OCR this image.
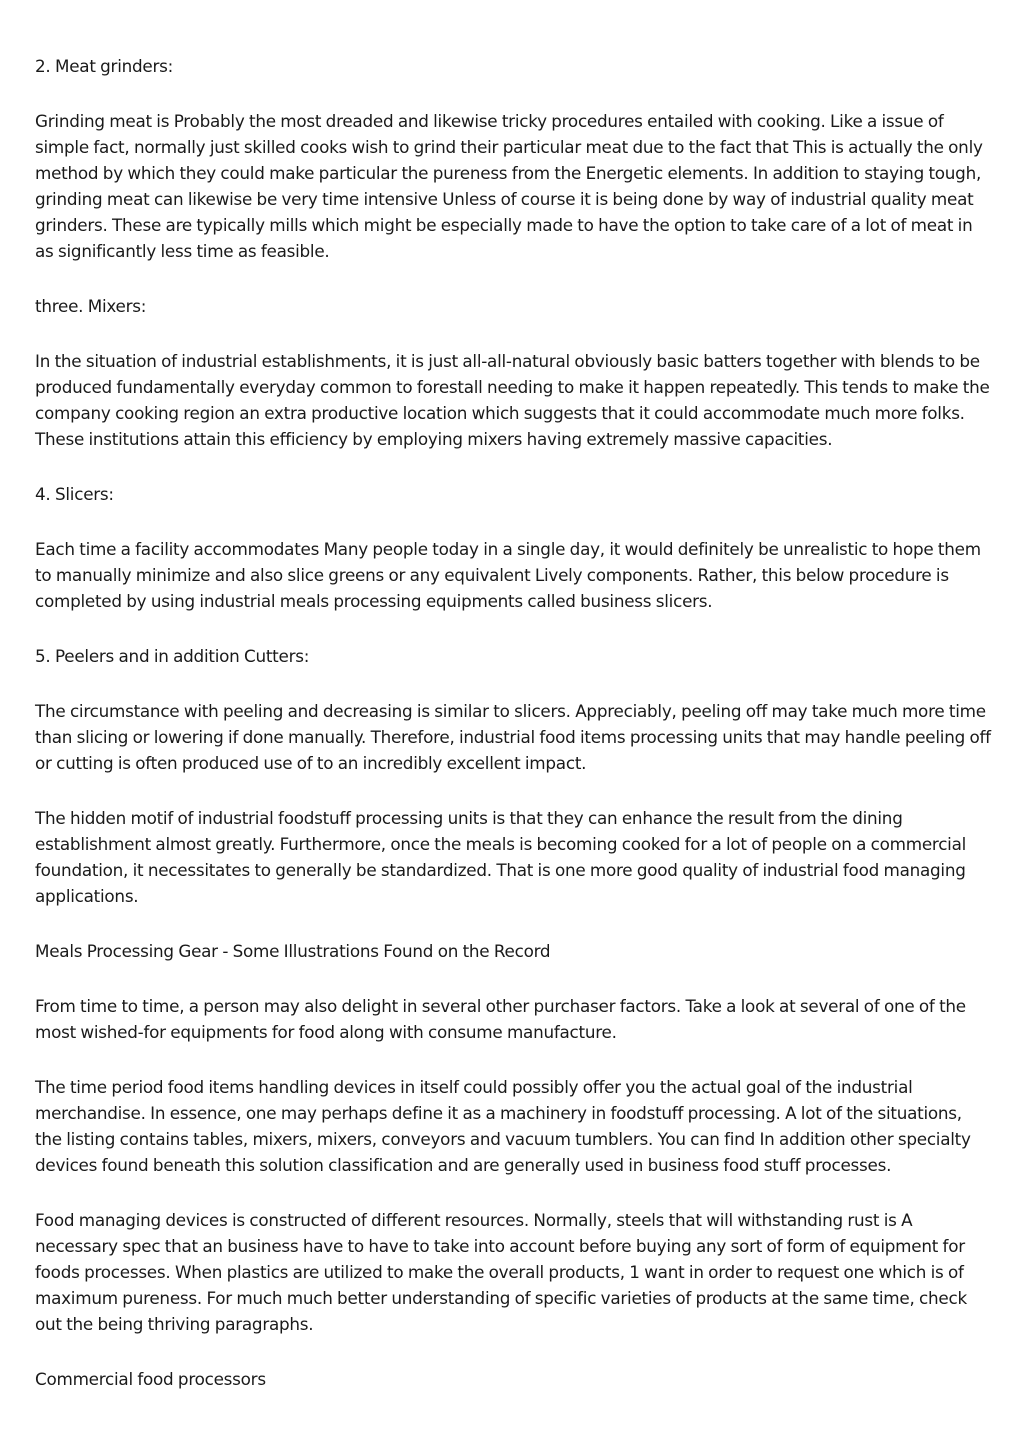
2. Meat grinders:

Grinding meat is Probably the most dreaded and likewise tricky procedures entailed with cooking. Like a issue of simple fact, normally just skilled cooks wish to grind their particular meat due to the fact that This is actually the only method by which they could make particular the pureness from the Energetic elements. In addition to staying tough, grinding meat can likewise be very time intensive Unless of course it is being done by way of industrial quality meat grinders. These are typically mills which might be especially made to have the option to take care of a lot of meat in as significantly less time as feasible.

three. Mixers:

In the situation of industrial establishments, it is just all-all-natural obviously basic batters together with blends to be produced fundamentally everyday common to forestall needing to make it happen repeatedly. This tends to make the company cooking region an extra productive location which suggests that it could accommodate much more folks. These institutions attain this efficiency by employing mixers having extremely massive capacities.

4. Slicers:

Each time a facility accommodates Many people today in a single day, it would definitely be unrealistic to hope them to manually minimize and also slice greens or any equivalent Lively components. Rather, this below procedure is completed by using industrial meals processing equipments called business slicers.

5. Peelers and in addition Cutters:

The circumstance with peeling and decreasing is similar to slicers. Appreciably, peeling off may take much more time than slicing or lowering if done manually. Therefore, industrial food items processing units that may handle peeling off or cutting is often produced use of to an incredibly excellent impact.

The hidden motif of industrial foodstuff processing units is that they can enhance the result from the dining establishment almost greatly. Furthermore, once the meals is becoming cooked for a lot of people on a commercial foundation, it necessitates to generally be standardized. That is one more good quality of industrial food managing applications.

Meals Processing Gear - Some Illustrations Found on the Record

From time to time, a person may also delight in several other purchaser factors. Take a look at several of one of the most wished-for equipments for food along with consume manufacture.

The time period food items handling devices in itself could possibly offer you the actual goal of the industrial merchandise. In essence, one may perhaps define it as a machinery in foodstuff processing. A lot of the situations, the listing contains tables, mixers, mixers, conveyors and vacuum tumblers. You can find In addition other specialty devices found beneath this solution classification and are generally used in business food stuff processes.

Food managing devices is constructed of different resources. Normally, steels that will withstanding rust is A necessary spec that an business have to have to take into account before buying any sort of form of equipment for foods processes. When plastics are utilized to make the overall products, 1 want in order to request one which is of maximum pureness. For much much better understanding of specific varieties of products at the same time, check out the being thriving paragraphs.

Commercial food processors
